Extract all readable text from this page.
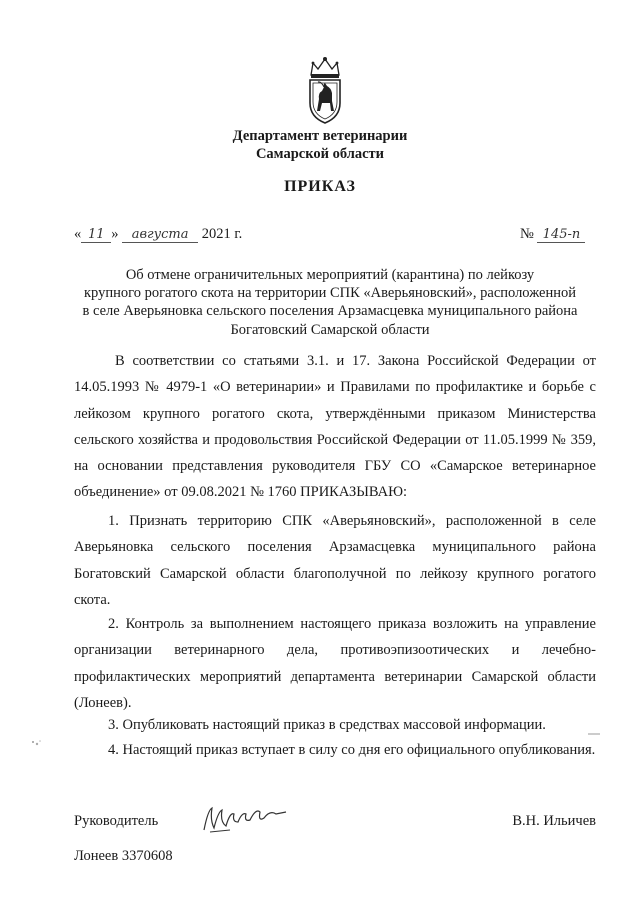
Департамент ветеринарии
Самарской области
ПРИКАЗ
« 11 » августа 2021 г.	№ 145-п
Об отмене ограничительных мероприятий (карантина) по лейкозу
крупного рогатого скота на территории СПК «Аверьяновский», расположенной
в селе Аверьяновка сельского поселения Арзамасцевка муниципального района
Богатовский Самарской области
В соответствии со статьями 3.1. и 17. Закона Российской Федерации от 14.05.1993 № 4979-1 «О ветеринарии» и Правилами по профилактике и борьбе с лейкозом крупного рогатого скота, утверждёнными приказом Министерства сельского хозяйства и продовольствия Российской Федерации от 11.05.1999 № 359, на основании представления руководителя ГБУ СО «Самарское ветеринарное объединение» от 09.08.2021 № 1760 ПРИКАЗЫВАЮ:
1. Признать территорию СПК «Аверьяновский», расположенной в селе Аверьяновка сельского поселения Арзамасцевка муниципального района Богатовский Самарской области благополучной по лейкозу крупного рогатого скота.
2. Контроль за выполнением настоящего приказа возложить на управление организации ветеринарного дела, противоэпизоотических и лечебно-профилактических мероприятий департамента ветеринарии Самарской области (Лонеев).
3. Опубликовать настоящий приказ в средствах массовой информации.
4. Настоящий приказ вступает в силу со дня его официального опубликования.
Руководитель	В.Н. Ильичев
Лонеев 3370608
